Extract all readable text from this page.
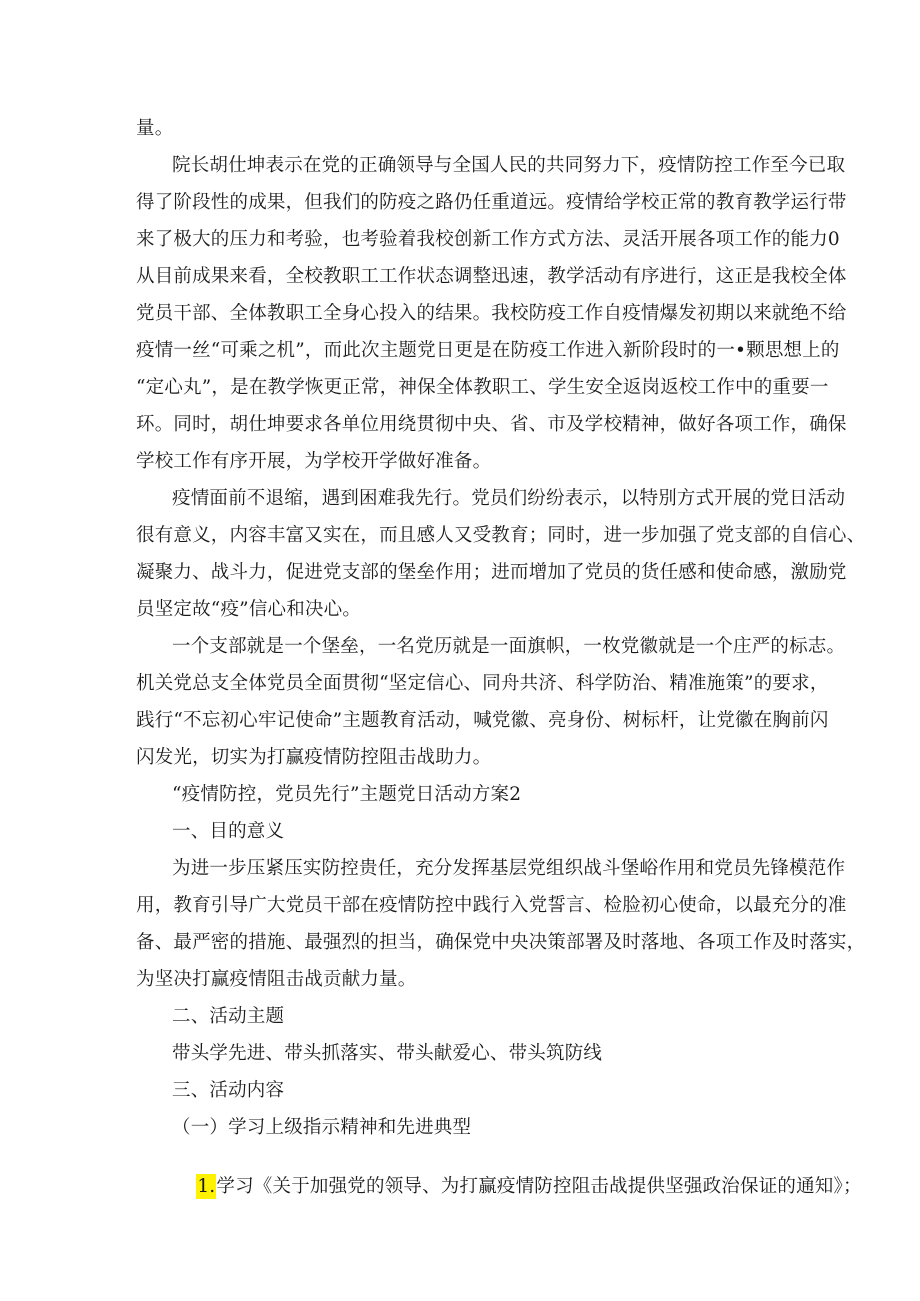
量。
院长胡仕坤表示在党的正确领导与全国人民的共同努力下，疫情防控工作至今已取
得了阶段性的成果，但我们的防疫之路仍任重道远。疫情给学校正常的教育教学运行带
来了极大的压力和考验，也考验着我校创新工作方式方法、灵活开展各项工作的能力0
从目前成果来看，全校教职工工作状态调整迅速，教学活动有序进行，这正是我校全体
党员干部、全体教职工全身心投入的结果。我校防疫工作自疫情爆发初期以来就绝不给
疫情一丝“可乘之机”，而此次主题党日更是在防疫工作进入新阶段时的一•颗思想上的
“定心丸”，是在教学恢更正常，神保全体教职工、学生安全返岗返校工作中的重要一
环。同时，胡仕坤要求各单位用绕贯彻中央、省、市及学校精神，做好各项工作，确保
学校工作有序开展，为学校开学做好准备。
疫情面前不退缩，遇到困难我先行。党员们纷纷表示，以特別方式开展的党日活动
很有意义，内容丰富又实在，而且感人又受教育；同时，进一步加强了党支部的自信心、
凝聚力、战斗力，促进党支部的堡垒作用；进而增加了党员的货任感和使命感，激励党
员坚定故“疫”信心和决心。
一个支部就是一个堡垒，一名党历就是一面旗帜，一枚党徽就是一个庄严的标志。
机关党总支全体党员全面贯彻“坚定信心、同舟共济、科学防治、精准施策”的要求，
践行“不忘初心牢记使命”主题教育活动，喊党徽、亮身份、树标杆，让党徽在胸前闪
闪发光，切实为打赢疫情防控阻击战助力。
“疫情防控，党员先行”主题党日活动方案2
一、目的意义
为进一步压紧压实防控贵任，充分发挥基层党组织战斗堡峪作用和党员先锋模范作
用，教育引导广大党员干部在疫情防控中践行入党誓言、检脸初心使命，以最充分的准
备、最严密的措施、最强烈的担当，确保党中央决策部署及时落地、各项工作及时落实，
为坚决打赢疫情阻击战贡献力量。
二、活动主题
带头学先进、带头抓落实、带头献爱心、带头筑防线
三、活动内容
（一）学习上级指示精神和先进典型

1.学习《关于加强党的领导、为打赢疫情防控阻击战提供坚强政治保证的通知》；
